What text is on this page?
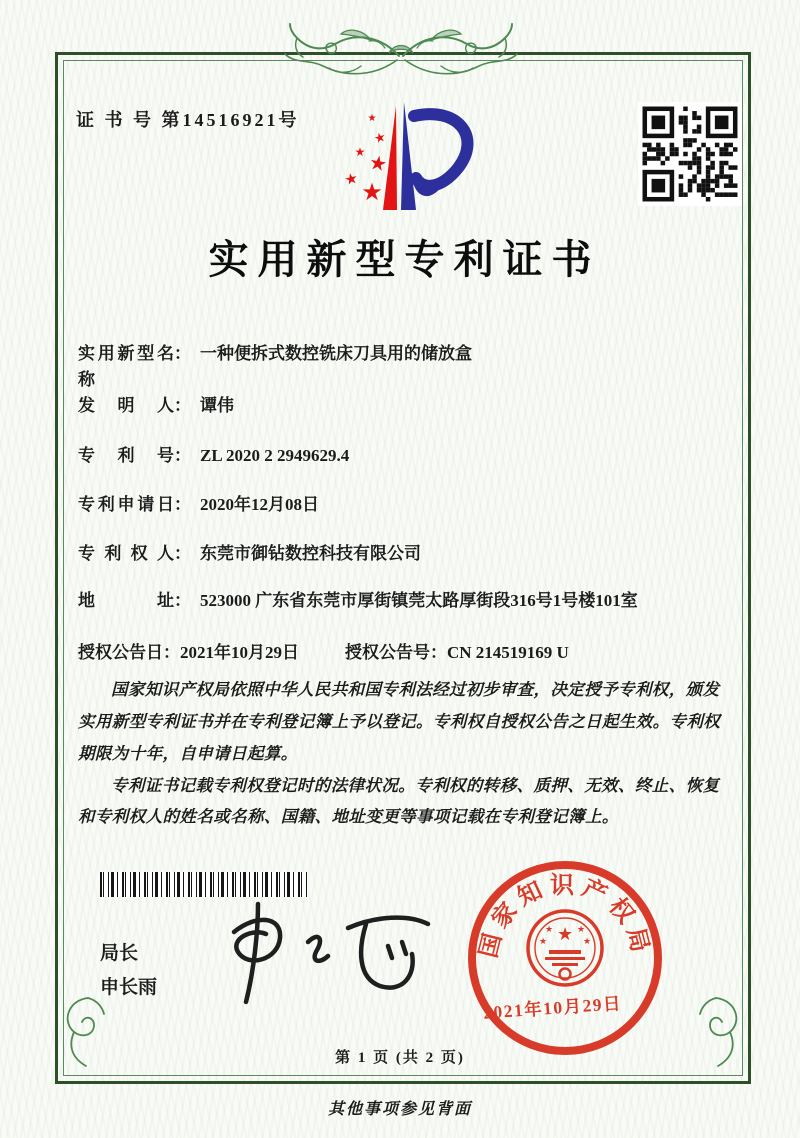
证 书 号 第14516921号
★
★
★
★
★
★
实用新型专利证书
实用新型名称
： 一种便拆式数控铣床刀具用的储放盒
发明人 ： 谭伟
专利号 ： ZL 2020 2 2949629.4
专利申请日 ： 2020年12月08日
专利权人 ： 东莞市御钻数控科技有限公司
地址 ： 523000 广东省东莞市厚街镇莞太路厚街段316号1号楼101室
授权公告日：2021年10月29日	授权公告号：CN 214519169 U

国家知识产权局依照中华人民共和国专利法经过初步审查，决定授予专利权，颁发实用新型专利证书并在专利登记簿上予以登记。专利权自授权公告之日起生效。专利权期限为十年，自申请日起算。

专利证书记载专利权登记时的法律状况。专利权的转移、质押、无效、终止、恢复和专利权人的姓名或名称、国籍、地址变更等事项记载在专利登记簿上。

局长
申长雨
国家知识产权局
★
★	★
★	★
2021年10月29日
第 1 页 (共 2 页)
其他事项参见背面
